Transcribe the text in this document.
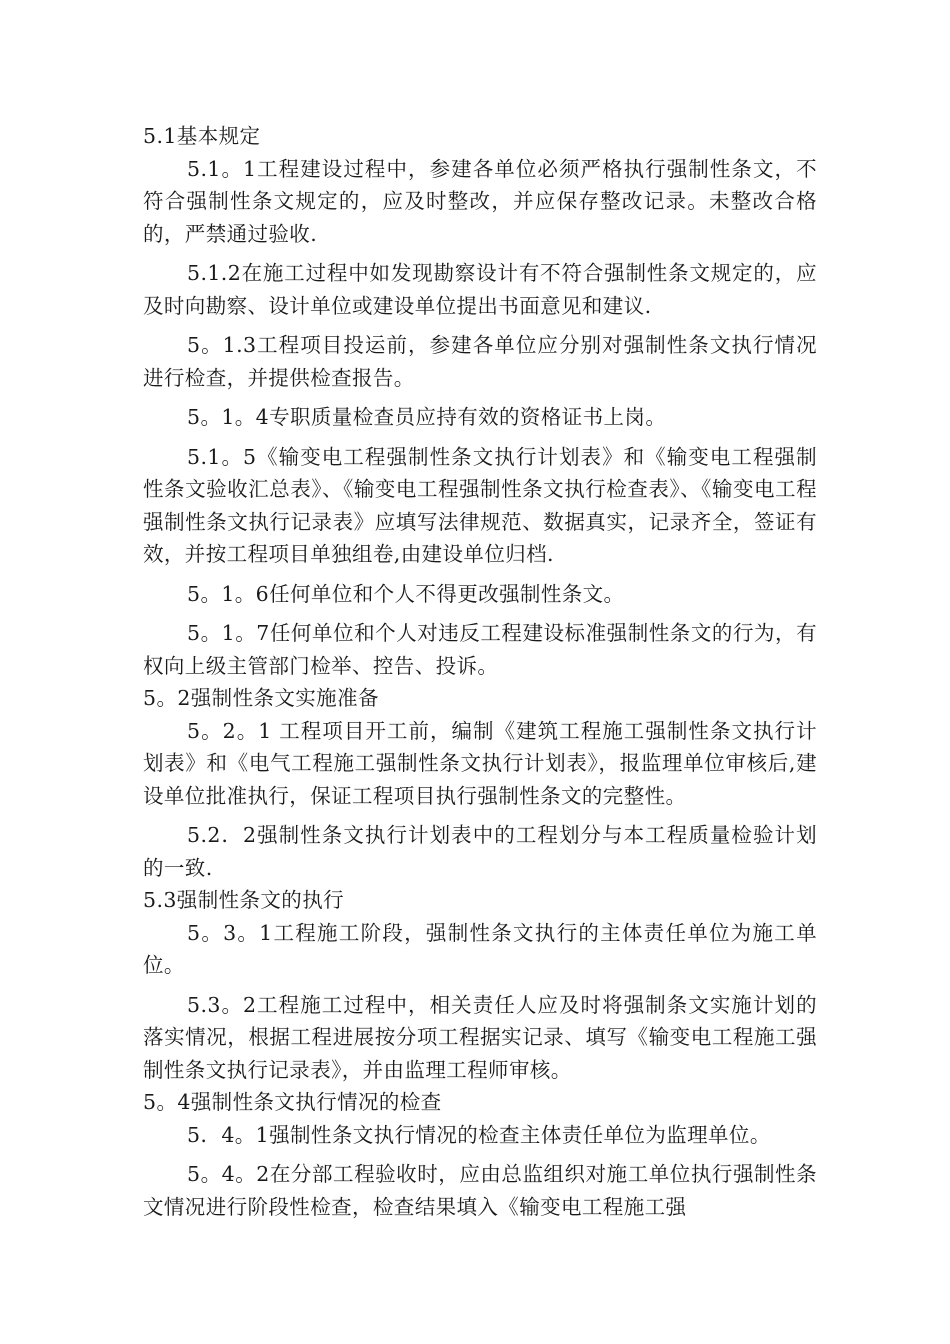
5.1基本规定

5.1。1工程建设过程中，参建各单位必须严格执行强制性条文，不符合强制性条文规定的，应及时整改，并应保存整改记录。未整改合格的，严禁通过验收.

5.1.2在施工过程中如发现勘察设计有不符合强制性条文规定的，应及时向勘察、设计单位或建设单位提出书面意见和建议.

5。1.3工程项目投运前，参建各单位应分别对强制性条文执行情况进行检查，并提供检查报告。

5。1。4专职质量检查员应持有效的资格证书上岗。

5.1。5《输变电工程强制性条文执行计划表》和《输变电工程强制性条文验收汇总表》、《输变电工程强制性条文执行检查表》、《输变电工程强制性条文执行记录表》应填写法律规范、数据真实，记录齐全，签证有效，并按工程项目单独组卷,由建设单位归档.

5。1。6任何单位和个人不得更改强制性条文。

5。1。7任何单位和个人对违反工程建设标准强制性条文的行为，有权向上级主管部门检举、控告、投诉。

5。2强制性条文实施准备

5。2。1 工程项目开工前，编制《建筑工程施工强制性条文执行计划表》和《电气工程施工强制性条文执行计划表》，报监理单位审核后,建设单位批准执行，保证工程项目执行强制性条文的完整性。

5.2．2强制性条文执行计划表中的工程划分与本工程质量检验计划的一致.

5.3强制性条文的执行

5。3。1工程施工阶段，强制性条文执行的主体责任单位为施工单位。

5.3。2工程施工过程中，相关责任人应及时将强制条文实施计划的落实情况，根据工程进展按分项工程据实记录、填写《输变电工程施工强制性条文执行记录表》，并由监理工程师审核。

5。4强制性条文执行情况的检查

5．4。1强制性条文执行情况的检查主体责任单位为监理单位。

5。4。2在分部工程验收时，应由总监组织对施工单位执行强制性条文情况进行阶段性检查，检查结果填入《输变电工程施工强
